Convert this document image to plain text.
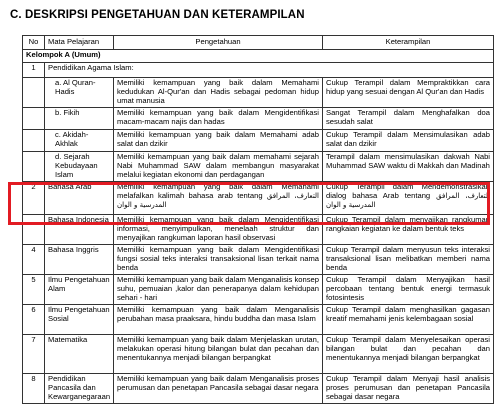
C. DESKRIPSI PENGETAHUAN DAN KETERAMPILAN
No	Mata Pelajaran	Pengetahuan	Keterampilan
Kelompok A (Umum)			
1	Pendidikan Agama Islam:		
	a. Al Quran-Hadis	Memiliki kemampuan yang baik dalam Memahami kedudukan Al-Qur'an dan Hadis sebagai pedoman hidup umat manusia	Cukup Terampil dalam Mempraktikkan cara hidup yang sesuai dengan Al Qur'an dan Hadis
	b. Fikih	Memiliki kemampuan yang baik dalam Mengidentifikasi macam-macam najis dan hadas	Sangat Terampil dalam Menghafalkan doa sesudah salat
	c. Akidah-Akhlak	Memiliki kemampuan yang baik dalam Memahami adab salat dan dzikir	Cukup Terampil dalam Mensimulasikan adab salat dan dzikir
	d. Sejarah Kebudayaan Islam	Memiliki kemampuan yang baik dalam memahami sejarah Nabi Muhammad SAW dalam membangun masyarakat melalui kegiatan ekonomi dan perdagangan	Terampil dalam mensimulasikan dakwah Nabi Muhammad SAW waktu di Makkah dan Madinah
2	Bahasa Arab	Memiliki kemampuan yang baik dalam Memahami melafalkan kalimah bahasa arab tentang التعارف، المرافق المدرسية و الوان	Cukup Terampil dalam Mendemonstrasikan dialog bahasa Arab tentang التعارف، المرافق المدرسية و الوان
	Bahasa Indonesia	Memiliki kemampuan yang baik dalam Mengidentifikasi informasi, menyimpulkan, menelaah struktur dan menyajikan rangkuman laporan hasil observasi	Cukup Terampil dalam menyajikan rangkuman rangkaian kegiatan ke dalam bentuk teks
4	Bahasa Inggris	Memiliki kemampuan yang baik dalam Mengidentifikasi fungsi sosial teks interaksi transaksional lisan terkait nama benda	Cukup Terampil dalam menyusun teks interaksi transaksional lisan melibatkan memberi nama benda
5	Ilmu Pengetahuan Alam	Memiliki kemampuan yang baik dalam Menganalisis konsep suhu, pemuaian ,kalor dan penerapanya dalam kehidupan sehari - hari	Cukup Terampil dalam Menyajikan hasil percobaan tentang bentuk energi termasuk fotosintesis
6	Ilmu Pengetahuan Sosial	Memiliki kemampuan yang baik dalam Menganalisis perubahan masa praaksara, hindu buddha dan masa Islam	Cukup Terampil dalam menghasilkan gagasan kreatif memahami jenis kelembagaan sosial
7	Matematika	Memiliki kemampuan yang baik dalam Menjelaskan urutan, melakukan operasi hitung bilangan bulat dan pecahan dan menentukannya menjadi bilangan berpangkat	Cukup Terampil dalam Menyelesaikan operasi bilangan bulat dan pecahan dan menentukannya menjadi bilangan berpangkat
8	Pendidikan Pancasila dan Kewarganegaraan	Memiliki kemampuan yang baik dalam Menganalisis proses perumusan dan penetapan Pancasila sebagai dasar negara	Cukup Terampil dalam Menyaji hasil analisis proses perumusan dan penetapan Pancasila sebagai dasar negara
